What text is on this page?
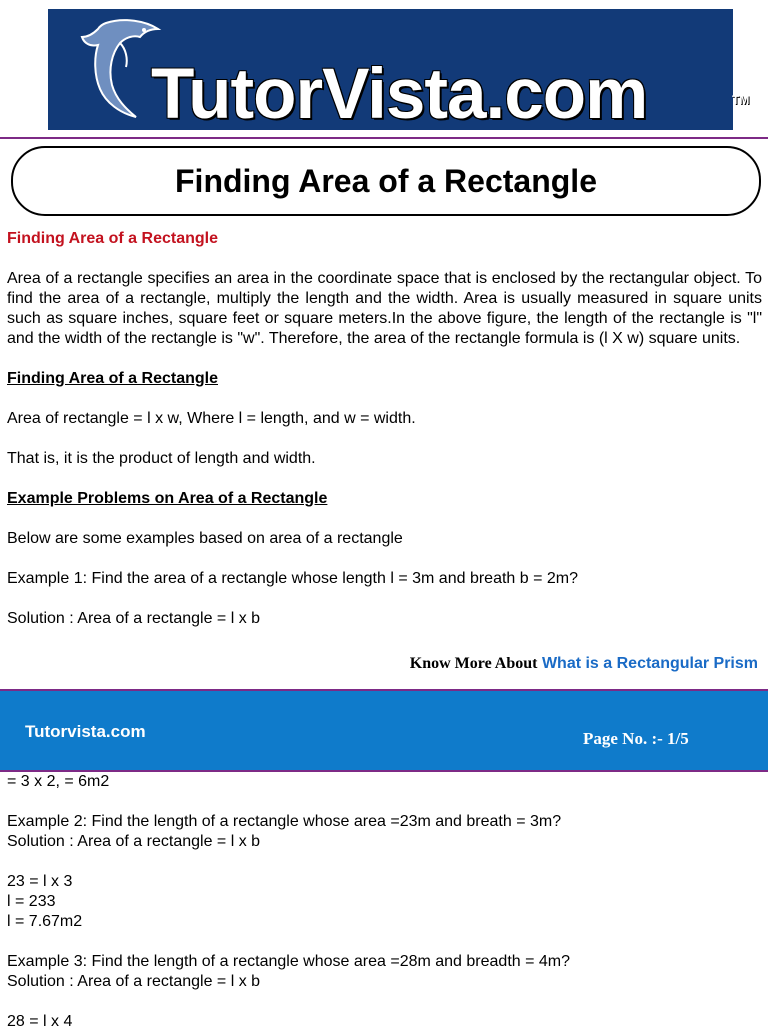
TutorVista.com	TM
Finding Area of a Rectangle

Finding Area of a Rectangle

Area of a rectangle specifies an area in the coordinate space that is enclosed by the rectangular object. To find the area of a rectangle, multiply the length and the width. Area is usually measured in square units such as square inches, square feet or square meters.In the above figure, the length of the rectangle is "l" and the width of the rectangle is "w". Therefore, the area of the rectangle formula is (l X w) square units.

Finding Area of a Rectangle

Area of rectangle = l x w, Where l = length, and w = width.

That is, it is the product of length and width.

Example Problems on Area of a Rectangle

Below are some examples based on area of a rectangle

Example 1: Find the area of a rectangle whose length l = 3m and breath b = 2m?

Solution : Area of a rectangle = l x b

Know More About What is a Rectangular Prism
Tutorvista.com	Page No. :- 1/5
= 3 x 2, = 6m2
Example 2: Find the length of a rectangle whose area =23m and breath = 3m?
Solution : Area of a rectangle = l x b
23 = l x 3
l = 233
l = 7.67m2
Example 3: Find the length of a rectangle whose area =28m and breadth = 4m?
Solution : Area of a rectangle = l x b
28 = l x 4
